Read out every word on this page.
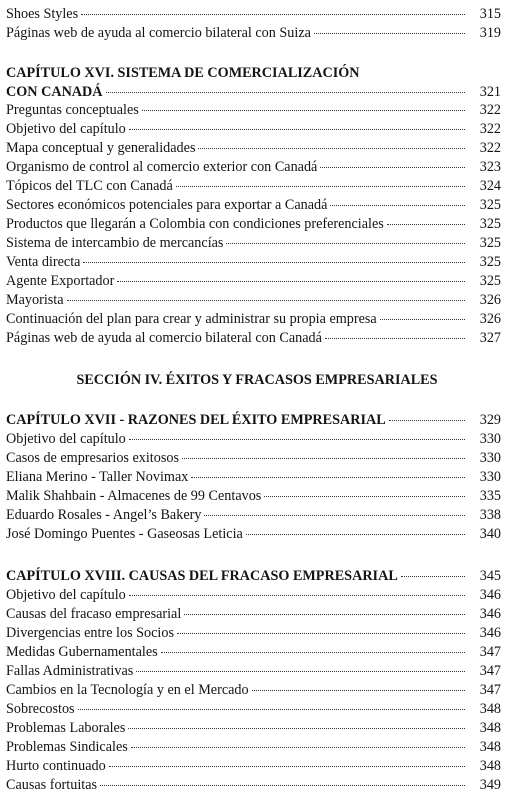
Shoes Styles	315
Páginas web de ayuda al comercio bilateral con Suiza	319
CAPÍTULO XVI. SISTEMA DE COMERCIALIZACIÓN
CON CANADÁ	321
Preguntas conceptuales	322
Objetivo del capítulo	322
Mapa conceptual y generalidades	322
Organismo de control al comercio exterior con Canadá	323
Tópicos del TLC con Canadá	324
Sectores económicos potenciales para exportar a Canadá	325
Productos que llegarán a Colombia con condiciones preferenciales	325
Sistema de intercambio de mercancías	325
Venta directa	325
Agente Exportador	325
Mayorista	326
Continuación del plan para crear y administrar su propia empresa	326
Páginas web de ayuda al comercio bilateral con Canadá	327
SECCIÓN IV. ÉXITOS Y FRACASOS EMPRESARIALES
CAPÍTULO XVII - RAZONES DEL ÉXITO EMPRESARIAL	329
Objetivo del capítulo	330
Casos de empresarios exitosos	330
Eliana Merino - Taller Novimax	330
Malik Shahbain - Almacenes de 99 Centavos	335
Eduardo Rosales - Angel’s Bakery	338
José Domingo Puentes - Gaseosas Leticia	340
CAPÍTULO XVIII. CAUSAS DEL FRACASO EMPRESARIAL	345
Objetivo del capítulo	346
Causas del fracaso empresarial	346
Divergencias entre los Socios	346
Medidas Gubernamentales	347
Fallas Administrativas	347
Cambios en la Tecnología y en el Mercado	347
Sobrecostos	348
Problemas Laborales	348
Problemas Sindicales	348
Hurto continuado	348
Causas fortuitas	349
